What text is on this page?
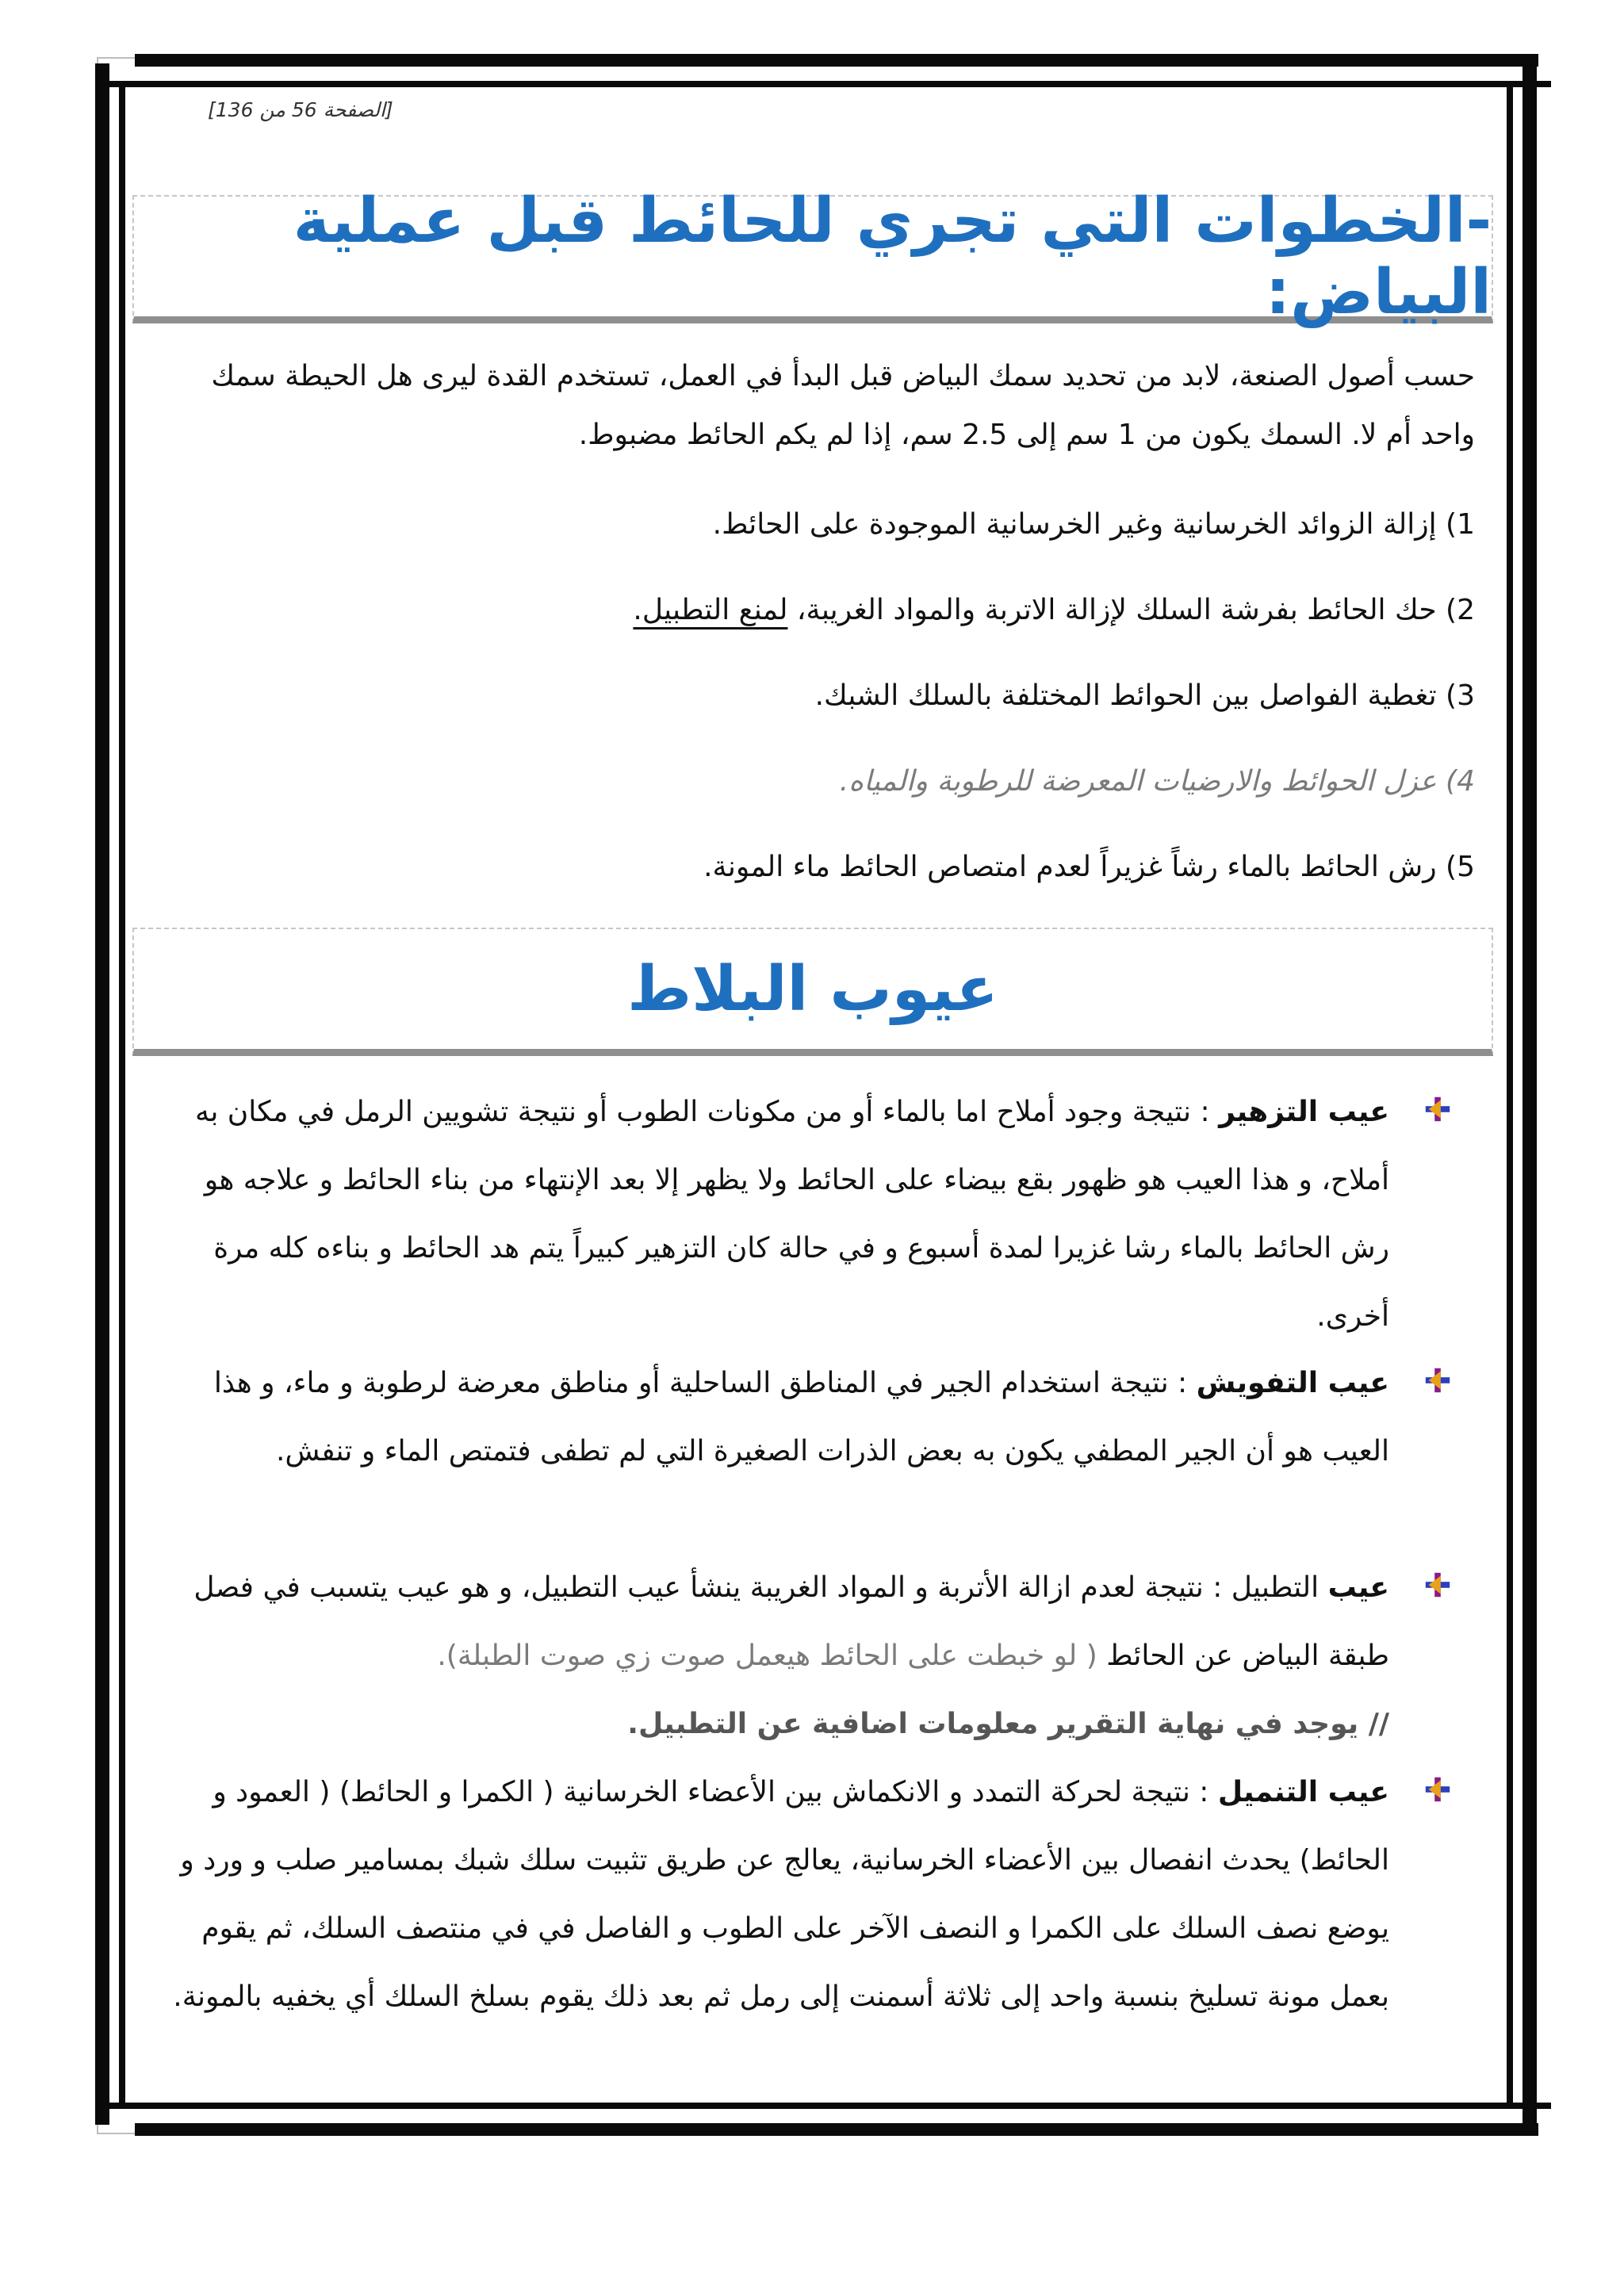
[الصفحة 56 من 136]
-الخطوات التي تجري للحائط قبل عملية البياض:
حسب أصول الصنعة، لابد من تحديد سمك البياض قبل البدأ في العمل، تستخدم القدة ليرى هل الحيطة سمك واحد أم لا. السمك يكون من 1 سم إلى 2.5 سم، إذا لم يكم الحائط مضبوط.
1) إزالة الزوائد الخرسانية وغير الخرسانية الموجودة على الحائط.
2) حك الحائط بفرشة السلك لإزالة الاتربة والمواد الغريبة، لمنع التطبيل.
3) تغطية الفواصل بين الحوائط المختلفة بالسلك الشبك.
4) عزل الحوائط والارضيات المعرضة للرطوبة والمياه.
5) رش الحائط بالماء رشاً غزيراً لعدم امتصاص الحائط ماء المونة.
عيوب البلاط
عيب التزهير : نتيجة وجود أملاح اما بالماء أو من مكونات الطوب أو نتيجة تشويين الرمل في مكان به أملاح، و هذا العيب هو ظهور بقع بيضاء على الحائط ولا يظهر إلا بعد الإنتهاء من بناء الحائط و علاجه هو رش الحائط بالماء رشا غزيرا لمدة أسبوع و في حالة كان التزهير كبيراً يتم هد الحائط و بناءه كله مرة أخرى.
عيب التفويش : نتيجة استخدام الجير في المناطق الساحلية أو مناطق معرضة لرطوبة و ماء، و هذا العيب هو أن الجير المطفي يكون به بعض الذرات الصغيرة التي لم تطفى فتمتص الماء و تنفش.
عيب التطبيل : نتيجة لعدم ازالة الأتربة و المواد الغريبة ينشأ عيب التطبيل، و هو عيب يتسبب في فصل طبقة البياض عن الحائط ( لو خبطت على الحائط هيعمل صوت زي صوت الطبلة).
// يوجد في نهاية التقرير معلومات اضافية عن التطبيل.
عيب التنميل : نتيجة لحركة التمدد و الانكماش بين الأعضاء الخرسانية ( الكمرا و الحائط) ( العمود و الحائط) يحدث انفصال بين الأعضاء الخرسانية، يعالج عن طريق تثبيت سلك شبك بمسامير صلب و ورد و يوضع نصف السلك على الكمرا و النصف الآخر على الطوب و الفاصل في في منتصف السلك، ثم يقوم بعمل مونة تسليخ بنسبة واحد إلى ثلاثة أسمنت إلى رمل ثم بعد ذلك يقوم بسلخ السلك أي يخفيه بالمونة.
